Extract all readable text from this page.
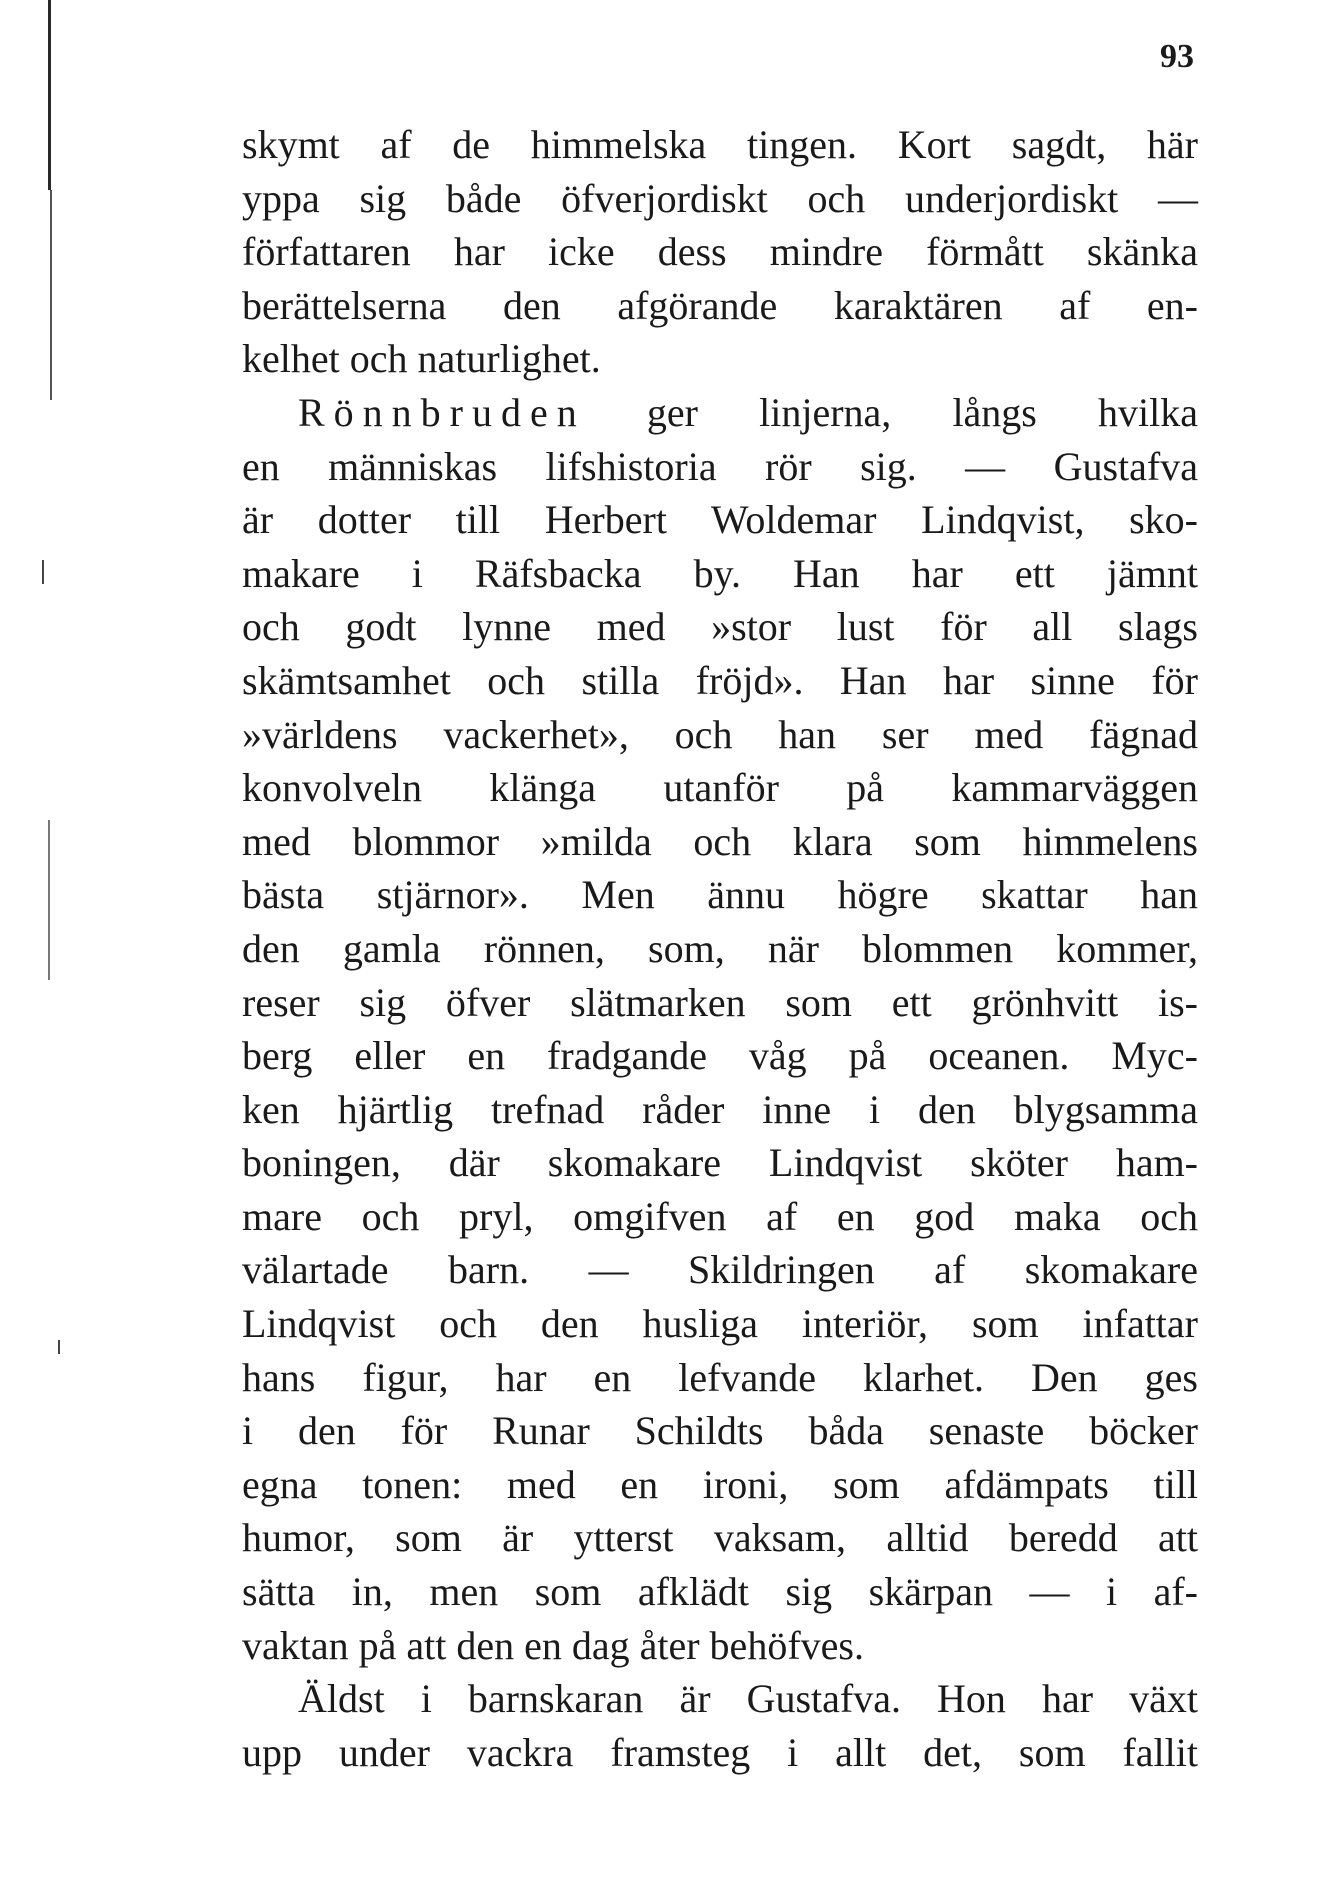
93
skymt af de himmelska tingen. Kort sagdt, här
yppa sig både öfverjordiskt och underjordiskt —
författaren har icke dess mindre förmått skänka
berättelserna den afgörande karaktären af en-
kelhet och naturlighet.
Rönnbruden ger linjerna, långs hvilka
en människas lifshistoria rör sig. — Gustafva
är dotter till Herbert Woldemar Lindqvist, sko-
makare i Räfsbacka by. Han har ett jämnt
och godt lynne med »stor lust för all slags
skämtsamhet och stilla fröjd». Han har sinne för
»världens vackerhet», och han ser med fägnad
konvolveln klänga utanför på kammarväggen
med blommor »milda och klara som himmelens
bästa stjärnor». Men ännu högre skattar han
den gamla rönnen, som, när blommen kommer,
reser sig öfver slätmarken som ett grönhvitt is-
berg eller en fradgande våg på oceanen. Myc-
ken hjärtlig trefnad råder inne i den blygsamma
boningen, där skomakare Lindqvist sköter ham-
mare och pryl, omgifven af en god maka och
välartade barn. — Skildringen af skomakare
Lindqvist och den husliga interiör, som infattar
hans figur, har en lefvande klarhet. Den ges
i den för Runar Schildts båda senaste böcker
egna tonen: med en ironi, som afdämpats till
humor, som är ytterst vaksam, alltid beredd att
sätta in, men som afklädt sig skärpan — i af-
vaktan på att den en dag åter behöfves.
Äldst i barnskaran är Gustafva. Hon har växt
upp under vackra framsteg i allt det, som fallit
